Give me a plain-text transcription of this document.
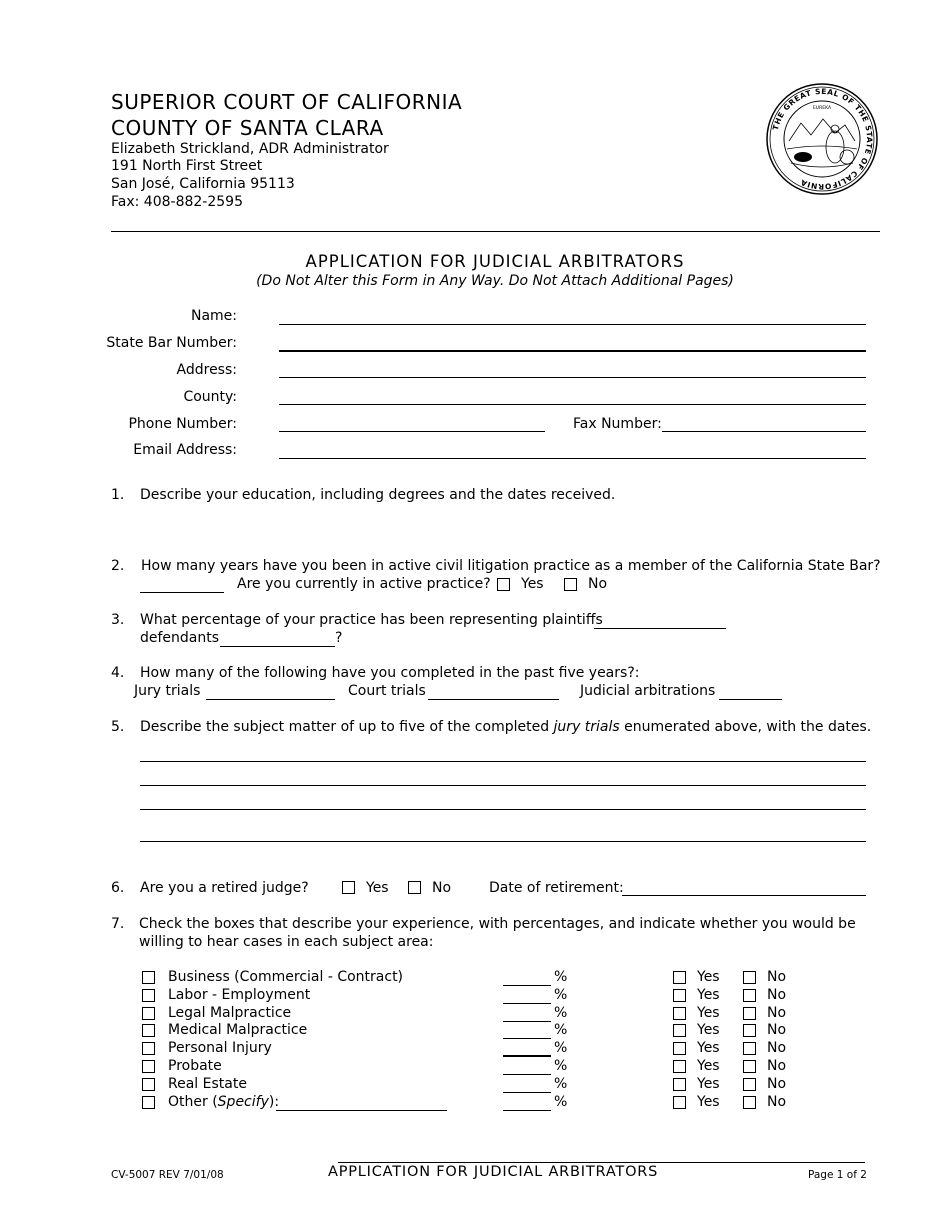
SUPERIOR COURT OF CALIFORNIA
COUNTY OF SANTA CLARA
Elizabeth Strickland, ADR Administrator
191 North First Street
San José, California 95113
Fax: 408-882-2595
THE GREAT SEAL OF THE STATE OF CALIFORNIA
EUREKA
APPLICATION FOR JUDICIAL ARBITRATORS
(Do Not Alter this Form in Any Way. Do Not Attach Additional Pages)
Name:
State Bar Number:
Address:
County:
Phone Number:	Fax Number:
Email Address:
1. Describe your education, including degrees and the dates received.
2. How many years have you been in active civil litigation practice as a member of the California State Bar?
Are you currently in active practice? Yes	No
3. What percentage of your practice has been representing plaintiffs
defendants	?
4. How many of the following have you completed in the past five years?:
Jury trials	Court trials	Judicial arbitrations
5. Describe the subject matter of up to five of the completed jury trials enumerated above, with the dates.
6. Are you a retired judge?	Yes	No	Date of retirement:
7. Check the boxes that describe your experience, with percentages, and indicate whether you would be
willing to hear cases in each subject area:
Business (Commercial - Contract)	%	Yes	No
Labor - Employment	%	Yes	No
Legal Malpractice	%	Yes	No
Medical Malpractice	%	Yes	No
Personal Injury	%	Yes	No
Probate	%	Yes	No
Real Estate	%	Yes	No
Other (Specify):	%	Yes	No
CV-5007 REV 7/01/08	APPLICATION FOR JUDICIAL ARBITRATORS	Page 1 of 2
